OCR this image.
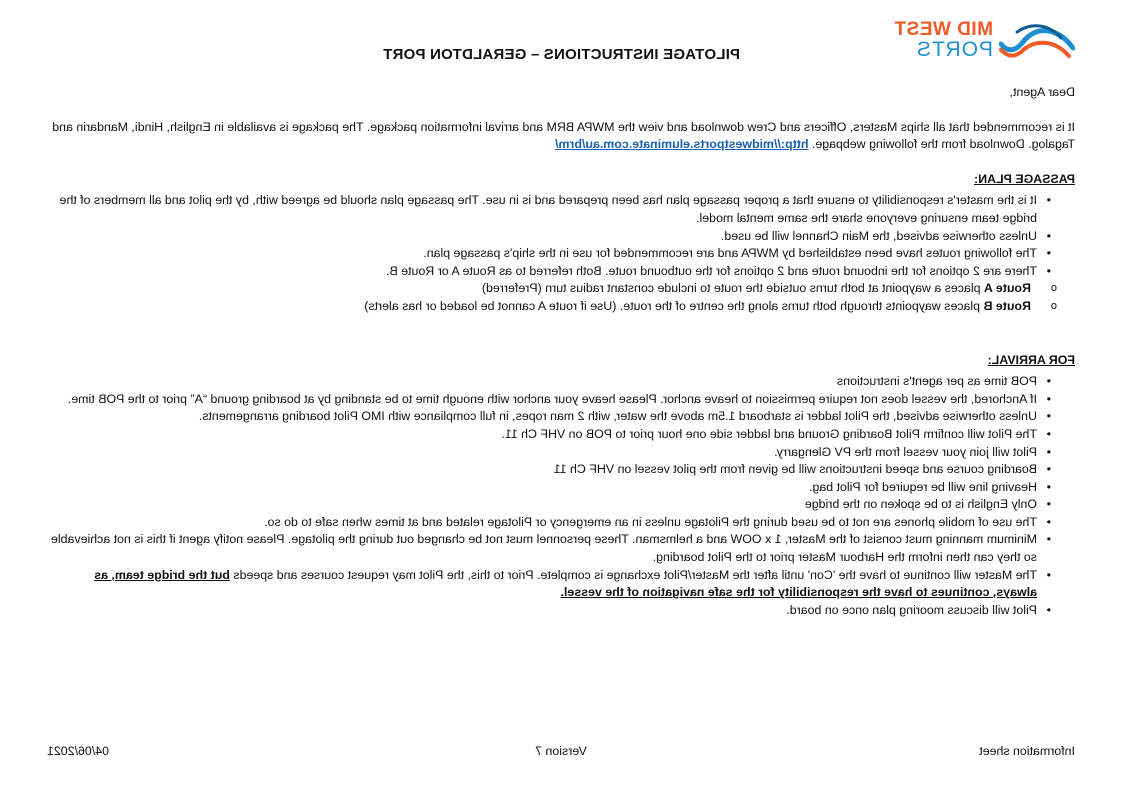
MID WEST
PORTS
PILOTAGE INSTRUCTIONS – GERALDTON PORT

Dear Agent,

It is recommended that all ships Masters, Officers and Crew download and view the MWPA BRM and arrival information package. The package is available in English, Hindi, Mandarin and Tagalog. Download from the following webpage. http://midwestports.eluminate.com.au/brm/

PASSAGE PLAN:

• It is the master's responsibility to ensure that a proper passage plan has been prepared and is in use. The passage plan should be agreed with, by the pilot and all members of the bridge team ensuring everyone share the same mental model.
• Unless otherwise advised, the Main Channel will be used.
• The following routes have been established by MWPA and are recommended for use in the ship's passage plan.
• There are 2 options for the inbound route and 2 options for the outbound route. Both referred to as Route A or Route B.
o Route A places a waypoint at both turns outside the route to include constant radius turn (Preferred)
o Route B places waypoints through both turns along the centre of the route. (Use if route A cannot be loaded or has alerts)

FOR ARRIVAL:

• POB time as per agent's instructions
• If Anchored, the vessel does not require permission to heave anchor. Please heave your anchor with enough time to be standing by at boarding ground “A” prior to the POB time.
• Unless otherwise advised, the Pilot ladder is starboard 1.5m above the water, with 2 man ropes, in full compliance with IMO Pilot boarding arrangements.
• The Pilot will confirm Pilot Boarding Ground and ladder side one hour prior to POB on VHF Ch 11.
• Pilot will join your vessel from the PV Glengarry.
• Boarding course and speed instructions will be given from the pilot vessel on VHF Ch 11
• Heaving line will be required for Pilot bag.
• Only English is to be spoken on the bridge
• The use of mobile phones are not to be used during the Pilotage unless in an emergency or Pilotage related and at times when safe to do so.
• Minimum manning must consist of the Master, 1 x OOW and a helmsman. These personnel must not be changed out during the pilotage. Please notify agent if this is not achievable so they can then inform the Harbour Master prior to the Pilot boarding.
• The Master will continue to have the 'Con' until after the Master/Pilot exchange is complete. Prior to this, the Pilot may request courses and speeds but the bridge team, as always, continues to have the responsibility for the safe navigation of the vessel.
• Pilot will discuss mooring plan once on board.
Information sheet
Version 7
04/06/2021
